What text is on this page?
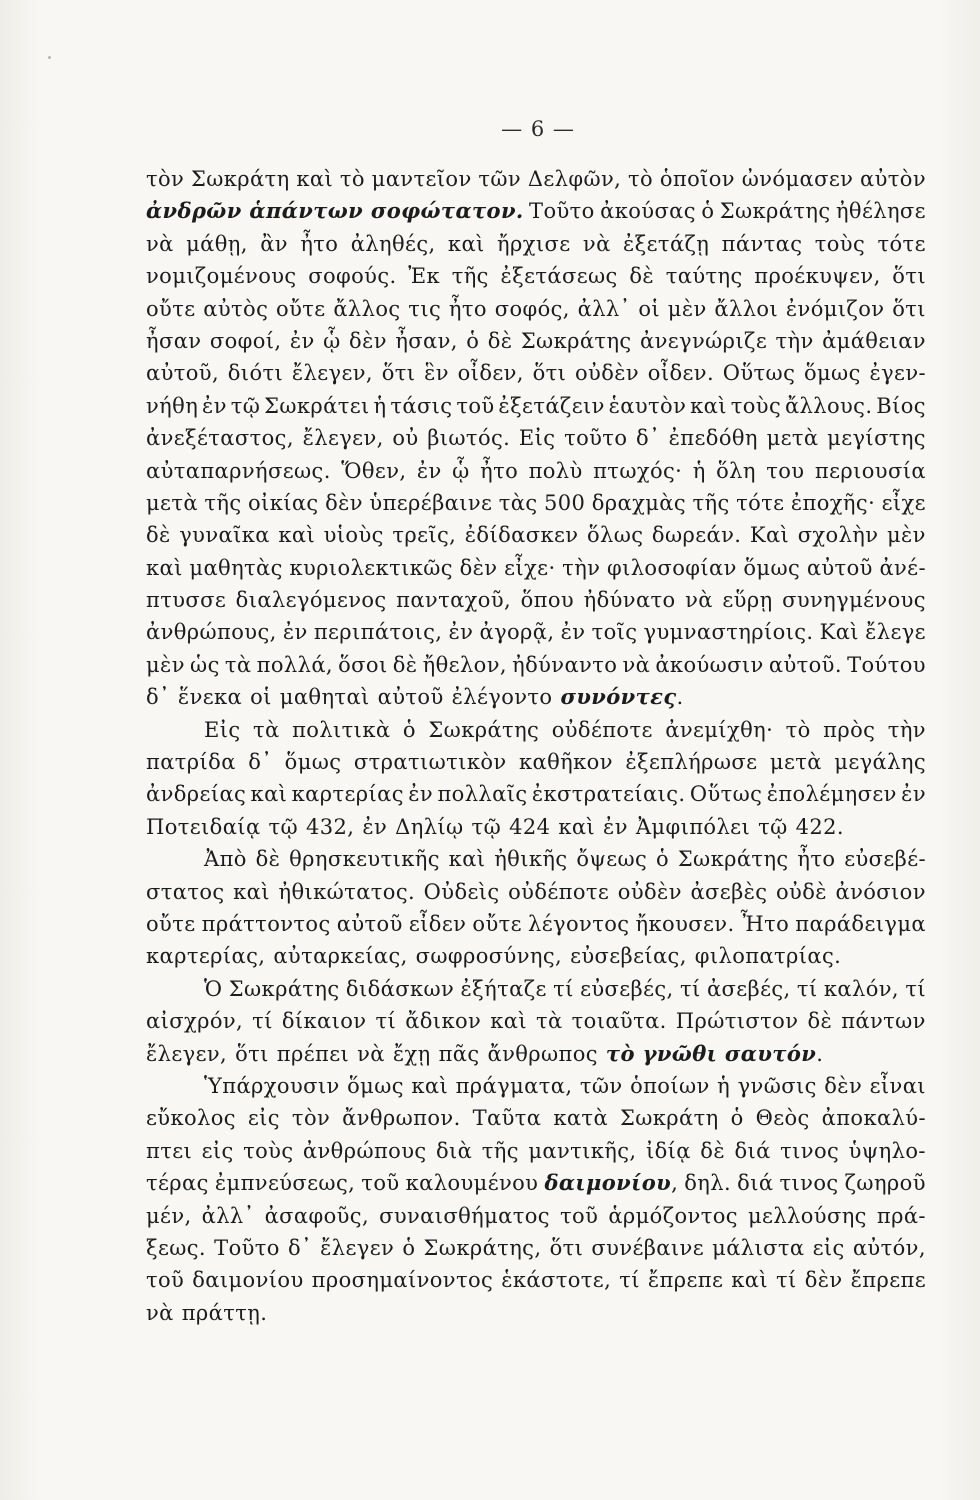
— 6 —
τὸν Σωκράτη καὶ τὸ μαντεῖον τῶν Δελφῶν, τὸ ὁποῖον ὠνόμασεν αὐτὸν
ἀνδρῶν ἁπάντων σοφώτατον. Τοῦτο ἀκούσας ὁ Σωκράτης ἠθέλησε
νὰ μάθῃ, ἂν ἦτο ἀληθές, καὶ ἤρχισε νὰ ἐξετάζῃ πάντας τοὺς τότε
νομιζομένους σοφούς. Ἐκ τῆς ἐξετάσεως δὲ ταύτης προέκυψεν, ὅτι
οὔτε αὐτὸς οὔτε ἄλλος τις ἦτο σοφός, ἀλλ᾿ οἱ μὲν ἄλλοι ἐνόμιζον ὅτι
ἦσαν σοφοί, ἐν ᾧ δὲν ἦσαν, ὁ δὲ Σωκράτης ἀνεγνώριζε τὴν ἀμάθειαν
αὐτοῦ, διότι ἔλεγεν, ὅτι ἓν οἶδεν, ὅτι οὐδὲν οἶδεν. Οὕτως ὅμως ἐγεν-
νήθη ἐν τῷ Σωκράτει ἡ τάσις τοῦ ἐξετάζειν ἑαυτὸν καὶ τοὺς ἄλλους. Βίος
ἀνεξέταστος, ἔλεγεν, οὐ βιωτός. Εἰς τοῦτο δ᾿ ἐπεδόθη μετὰ μεγίστης
αὐταπαρνήσεως. Ὅθεν, ἐν ᾧ ἦτο πολὺ πτωχός· ἡ ὅλη του περιουσία
μετὰ τῆς οἰκίας δὲν ὑπερέβαινε τὰς 500 δραχμὰς τῆς τότε ἐποχῆς· εἶχε
δὲ γυναῖκα καὶ υἱοὺς τρεῖς, ἐδίδασκεν ὅλως δωρεάν. Καὶ σχολὴν μὲν
καὶ μαθητὰς κυριολεκτικῶς δὲν εἶχε· τὴν φιλοσοφίαν ὅμως αὐτοῦ ἀνέ-
πτυσσε διαλεγόμενος πανταχοῦ, ὅπου ἠδύνατο νὰ εὕρῃ συνηγμένους
ἀνθρώπους, ἐν περιπάτοις, ἐν ἀγορᾷ, ἐν τοῖς γυμναστηρίοις. Καὶ ἔλεγε
μὲν ὡς τὰ πολλά, ὅσοι δὲ ἤθελον, ἠδύναντο νὰ ἀκούωσιν αὐτοῦ. Τούτου
δ᾿ ἕνεκα οἱ μαθηταὶ αὐτοῦ ἐλέγοντο συνόντες.
Εἰς τὰ πολιτικὰ ὁ Σωκράτης οὐδέποτε ἀνεμίχθη· τὸ πρὸς τὴν
πατρίδα δ᾿ ὅμως στρατιωτικὸν καθῆκον ἐξεπλήρωσε μετὰ μεγάλης
ἀνδρείας καὶ καρτερίας ἐν πολλαῖς ἐκστρατείαις. Οὕτως ἐπολέμησεν ἐν
Ποτειδαίᾳ τῷ 432, ἐν Δηλίῳ τῷ 424 καὶ ἐν Ἀμφιπόλει τῷ 422.
Ἀπὸ δὲ θρησκευτικῆς καὶ ἠθικῆς ὄψεως ὁ Σωκράτης ἦτο εὐσεβέ-
στατος καὶ ἠθικώτατος. Οὐδεὶς οὐδέποτε οὐδὲν ἀσεβὲς οὐδὲ ἀνόσιον
οὔτε πράττοντος αὐτοῦ εἶδεν οὔτε λέγοντος ἤκουσεν. Ἦτο παράδειγμα
καρτερίας, αὐταρκείας, σωφροσύνης, εὐσεβείας, φιλοπατρίας.
Ὁ Σωκράτης διδάσκων ἐξήταζε τί εὐσεβές, τί ἀσεβές, τί καλόν, τί
αἰσχρόν, τί δίκαιον τί ἄδικον καὶ τὰ τοιαῦτα. Πρώτιστον δὲ πάντων
ἔλεγεν, ὅτι πρέπει νὰ ἔχῃ πᾶς ἄνθρωπος τὸ γνῶθι σαυτόν.
Ὑπάρχουσιν ὅμως καὶ πράγματα, τῶν ὁποίων ἡ γνῶσις δὲν εἶναι
εὔκολος εἰς τὸν ἄνθρωπον. Ταῦτα κατὰ Σωκράτη ὁ Θεὸς ἀποκαλύ-
πτει εἰς τοὺς ἀνθρώπους διὰ τῆς μαντικῆς, ἰδίᾳ δὲ διά τινος ὑψηλο-
τέρας ἐμπνεύσεως, τοῦ καλουμένου δαιμονίου, δηλ. διά τινος ζωηροῦ
μέν, ἀλλ᾿ ἀσαφοῦς, συναισθήματος τοῦ ἁρμόζοντος μελλούσης πρά-
ξεως. Τοῦτο δ᾿ ἔλεγεν ὁ Σωκράτης, ὅτι συνέβαινε μάλιστα εἰς αὐτόν,
τοῦ δαιμονίου προσημαίνοντος ἑκάστοτε, τί ἔπρεπε καὶ τί δὲν ἔπρεπε
νὰ πράττῃ.
